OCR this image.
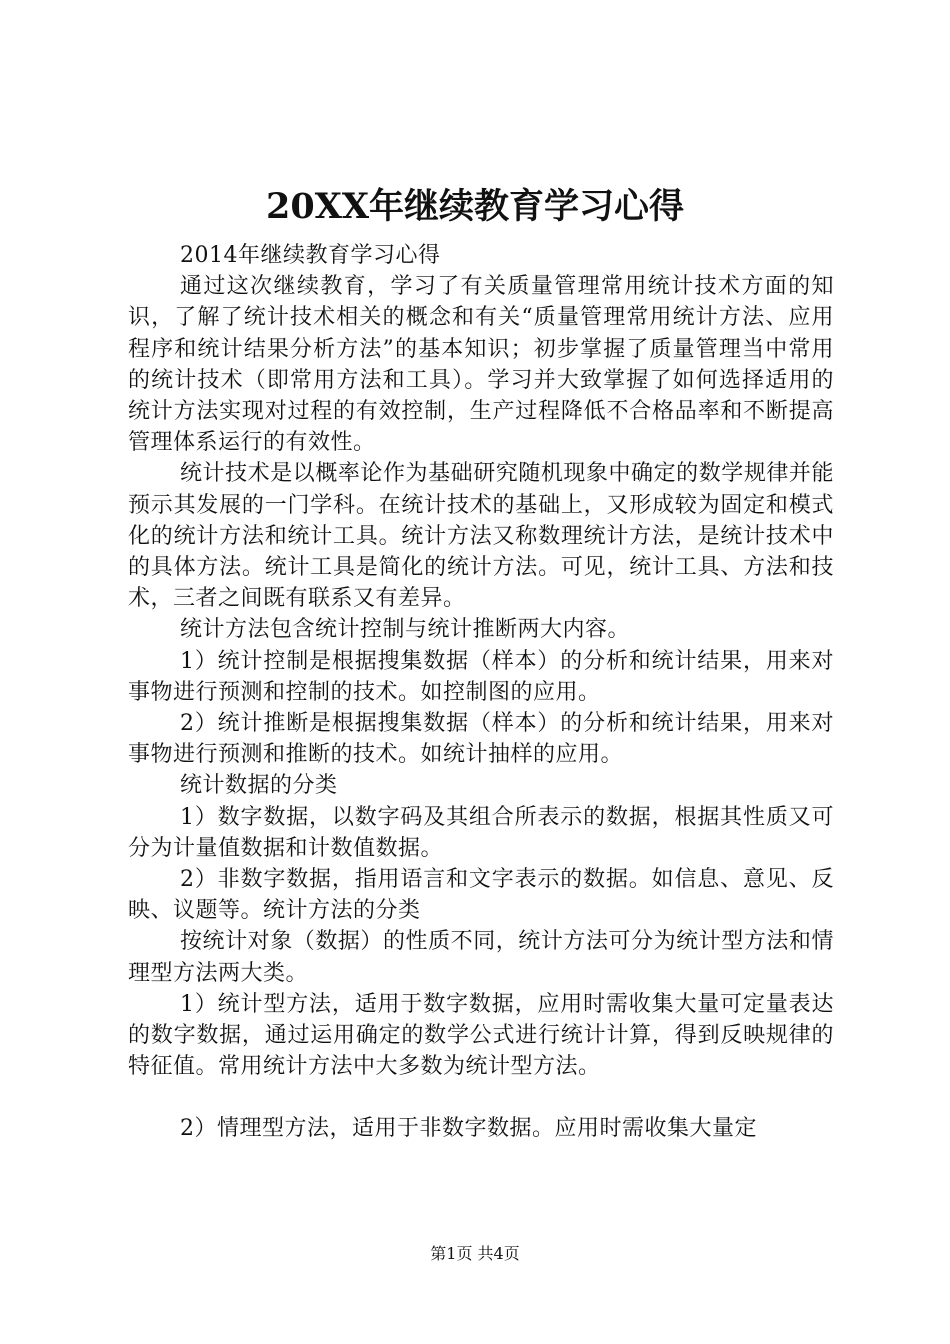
20XX年继续教育学习心得

2014年继续教育学习心得

通过这次继续教育，学习了有关质量管理常用统计技术方面的知识，了解了统计技术相关的概念和有关“质量管理常用统计方法、应用程序和统计结果分析方法”的基本知识；初步掌握了质量管理当中常用的统计技术（即常用方法和工具）。学习并大致掌握了如何选择适用的统计方法实现对过程的有效控制，生产过程降低不合格品率和不断提高管理体系运行的有效性。

统计技术是以概率论作为基础研究随机现象中确定的数学规律并能预示其发展的一门学科。在统计技术的基础上，又形成较为固定和模式化的统计方法和统计工具。统计方法又称数理统计方法，是统计技术中的具体方法。统计工具是简化的统计方法。可见，统计工具、方法和技术，三者之间既有联系又有差异。

统计方法包含统计控制与统计推断两大内容。

1）统计控制是根据搜集数据（样本）的分析和统计结果，用来对事物进行预测和控制的技术。如控制图的应用。

2）统计推断是根据搜集数据（样本）的分析和统计结果，用来对事物进行预测和推断的技术。如统计抽样的应用。

统计数据的分类

1）数字数据，以数字码及其组合所表示的数据，根据其性质又可分为计量值数据和计数值数据。

2）非数字数据，指用语言和文字表示的数据。如信息、意见、反映、议题等。统计方法的分类

按统计对象（数据）的性质不同，统计方法可分为统计型方法和情理型方法两大类。

1）统计型方法，适用于数字数据，应用时需收集大量可定量表达的数字数据，通过运用确定的数学公式进行统计计算，得到反映规律的特征值。常用统计方法中大多数为统计型方法。

2）情理型方法，适用于非数字数据。应用时需收集大量定

第1页 共4页
